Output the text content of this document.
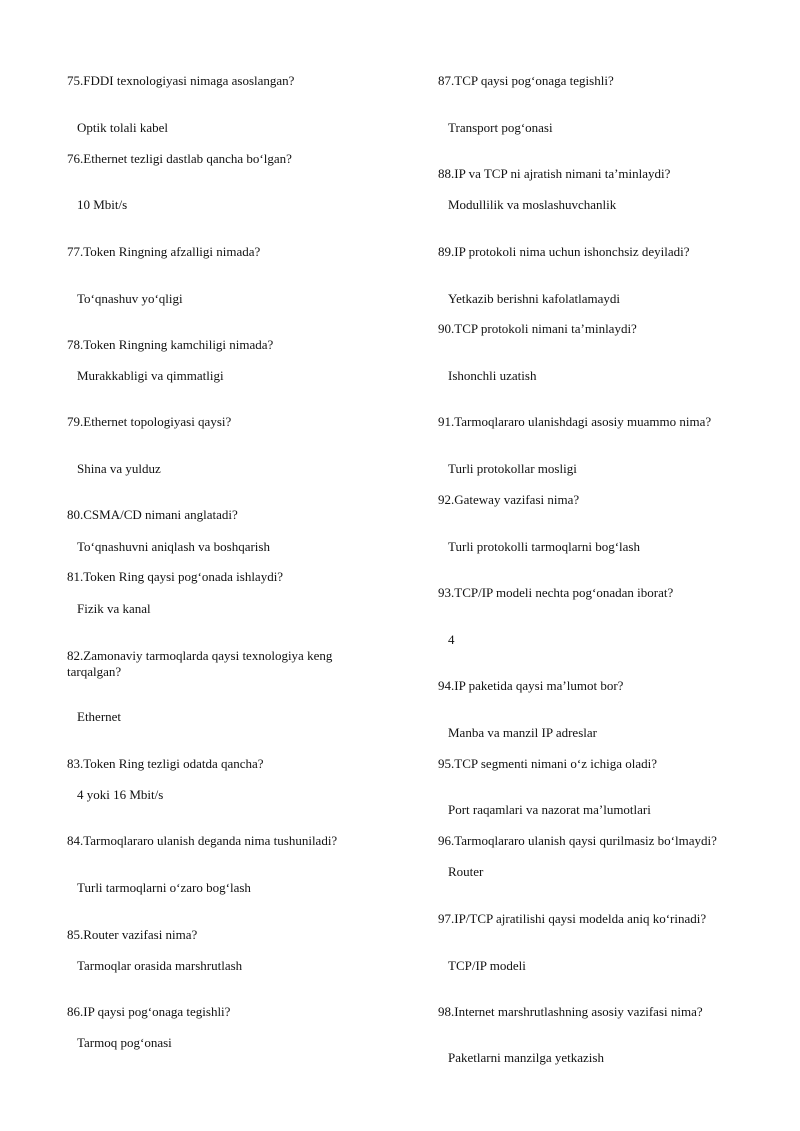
75.FDDI texnologiyasi nimaga asoslangan?
Optik tolali kabel
76.Ethernet tezligi dastlab qancha bo‘lgan?
10 Mbit/s
77.Token Ringning afzalligi nimada?
To‘qnashuv yo‘qligi
78.Token Ringning kamchiligi nimada?
Murakkabligi va qimmatligi
79.Ethernet topologiyasi qaysi?
Shina va yulduz
80.CSMA/CD nimani anglatadi?
To‘qnashuvni aniqlash va boshqarish
81.Token Ring qaysi pog‘onada ishlaydi?
Fizik va kanal
82.Zamonaviy tarmoqlarda qaysi texnologiya keng tarqalgan?
Ethernet
83.Token Ring tezligi odatda qancha?
4 yoki 16 Mbit/s
84.Tarmoqlararo ulanish deganda nima tushuniladi?
Turli tarmoqlarni o‘zaro bog‘lash
85.Router vazifasi nima?
Tarmoqlar orasida marshrutlash
86.IP qaysi pog‘onaga tegishli?
Tarmoq pog‘onasi
87.TCP qaysi pog‘onaga tegishli?
Transport pog‘onasi
88.IP va TCP ni ajratish nimani ta’minlaydi?
Modullilik va moslashuvchanlik
89.IP protokoli nima uchun ishonchsiz deyiladi?
Yetkazib berishni kafolatlamaydi
90.TCP protokoli nimani ta’minlaydi?
Ishonchli uzatish
91.Tarmoqlararo ulanishdagi asosiy muammo nima?
Turli protokollar mosligi
92.Gateway vazifasi nima?
Turli protokolli tarmoqlarni bog‘lash
93.TCP/IP modeli nechta pog‘onadan iborat?
4
94.IP paketida qaysi ma’lumot bor?
Manba va manzil IP adreslar
95.TCP segmenti nimani o‘z ichiga oladi?
Port raqamlari va nazorat ma’lumotlari
96.Tarmoqlararo ulanish qaysi qurilmasiz bo‘lmaydi?
Router
97.IP/TCP ajratilishi qaysi modelda aniq ko‘rinadi?
TCP/IP modeli
98.Internet marshrutlashning asosiy vazifasi nima?
Paketlarni manzilga yetkazish
